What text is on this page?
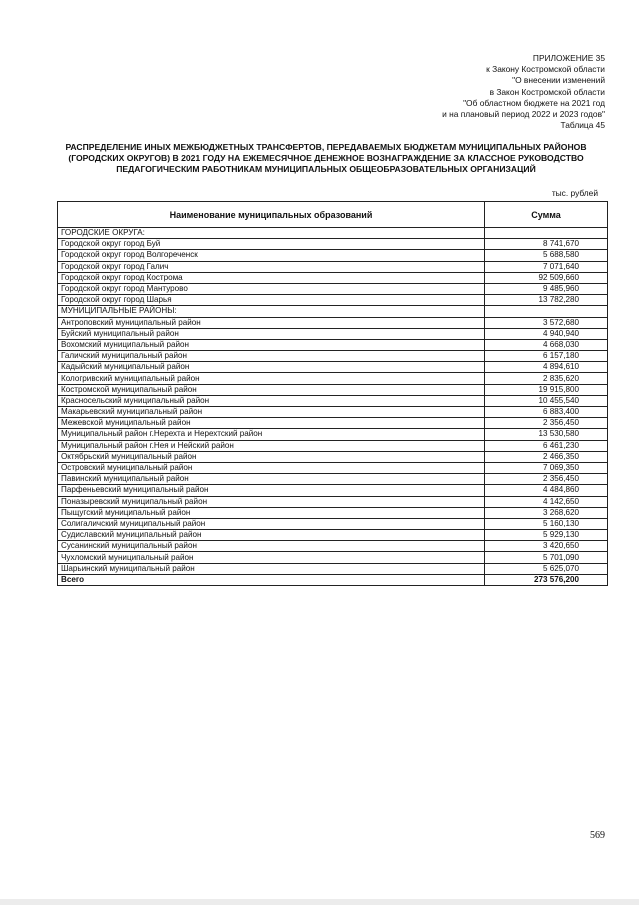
ПРИЛОЖЕНИЕ 35
к Закону Костромской области
"О внесении изменений
в Закон Костромской области
"Об областном бюджете на 2021 год
и на плановый период 2022 и 2023 годов"
Таблица 45
РАСПРЕДЕЛЕНИЕ ИНЫХ МЕЖБЮДЖЕТНЫХ ТРАНСФЕРТОВ, ПЕРЕДАВАЕМЫХ БЮДЖЕТАМ МУНИЦИПАЛЬНЫХ РАЙОНОВ (ГОРОДСКИХ ОКРУГОВ) В 2021 ГОДУ НА ЕЖЕМЕСЯЧНОЕ ДЕНЕЖНОЕ ВОЗНАГРАЖДЕНИЕ ЗА КЛАССНОЕ РУКОВОДСТВО ПЕДАГОГИЧЕСКИМ РАБОТНИКАМ МУНИЦИПАЛЬНЫХ ОБЩЕОБРАЗОВАТЕЛЬНЫХ ОРГАНИЗАЦИЙ
тыс. рублей
Наименование муниципальных образований	Сумма
ГОРОДСКИЕ ОКРУГА:	
Городской округ город Буй	8 741,670
Городской округ город Волгореченск	5 688,580
Городской округ город Галич	7 071,640
Городской округ город Кострома	92 509,660
Городской округ город Мантурово	9 485,960
Городской округ город Шарья	13 782,280
МУНИЦИПАЛЬНЫЕ РАЙОНЫ:	
Антроповский муниципальный район	3 572,680
Буйский муниципальный район	4 940,940
Вохомский муниципальный район	4 668,030
Галичский муниципальный район	6 157,180
Кадыйский муниципальный район	4 894,610
Кологривский муниципальный район	2 835,620
Костромской муниципальный район	19 915,800
Красносельский муниципальный район	10 455,540
Макарьевский муниципальный район	6 883,400
Межевской муниципальный район	2 356,450
Муниципальный район г.Нерехта и Нерехтский район	13 530,580
Муниципальный район г.Нея и Нейский район	6 461,230
Октябрьский муниципальный район	2 466,350
Островский муниципальный район	7 069,350
Павинский муниципальный район	2 356,450
Парфеньевский муниципальный район	4 484,860
Поназыревский муниципальный район	4 142,650
Пыщугский муниципальный район	3 268,620
Солигаличский муниципальный район	5 160,130
Судиславский муниципальный район	5 929,130
Сусанинский муниципальный район	3 420,650
Чухломский муниципальный район	5 701,090
Шарьинский муниципальный район	5 625,070
Всего	273 576,200
569
